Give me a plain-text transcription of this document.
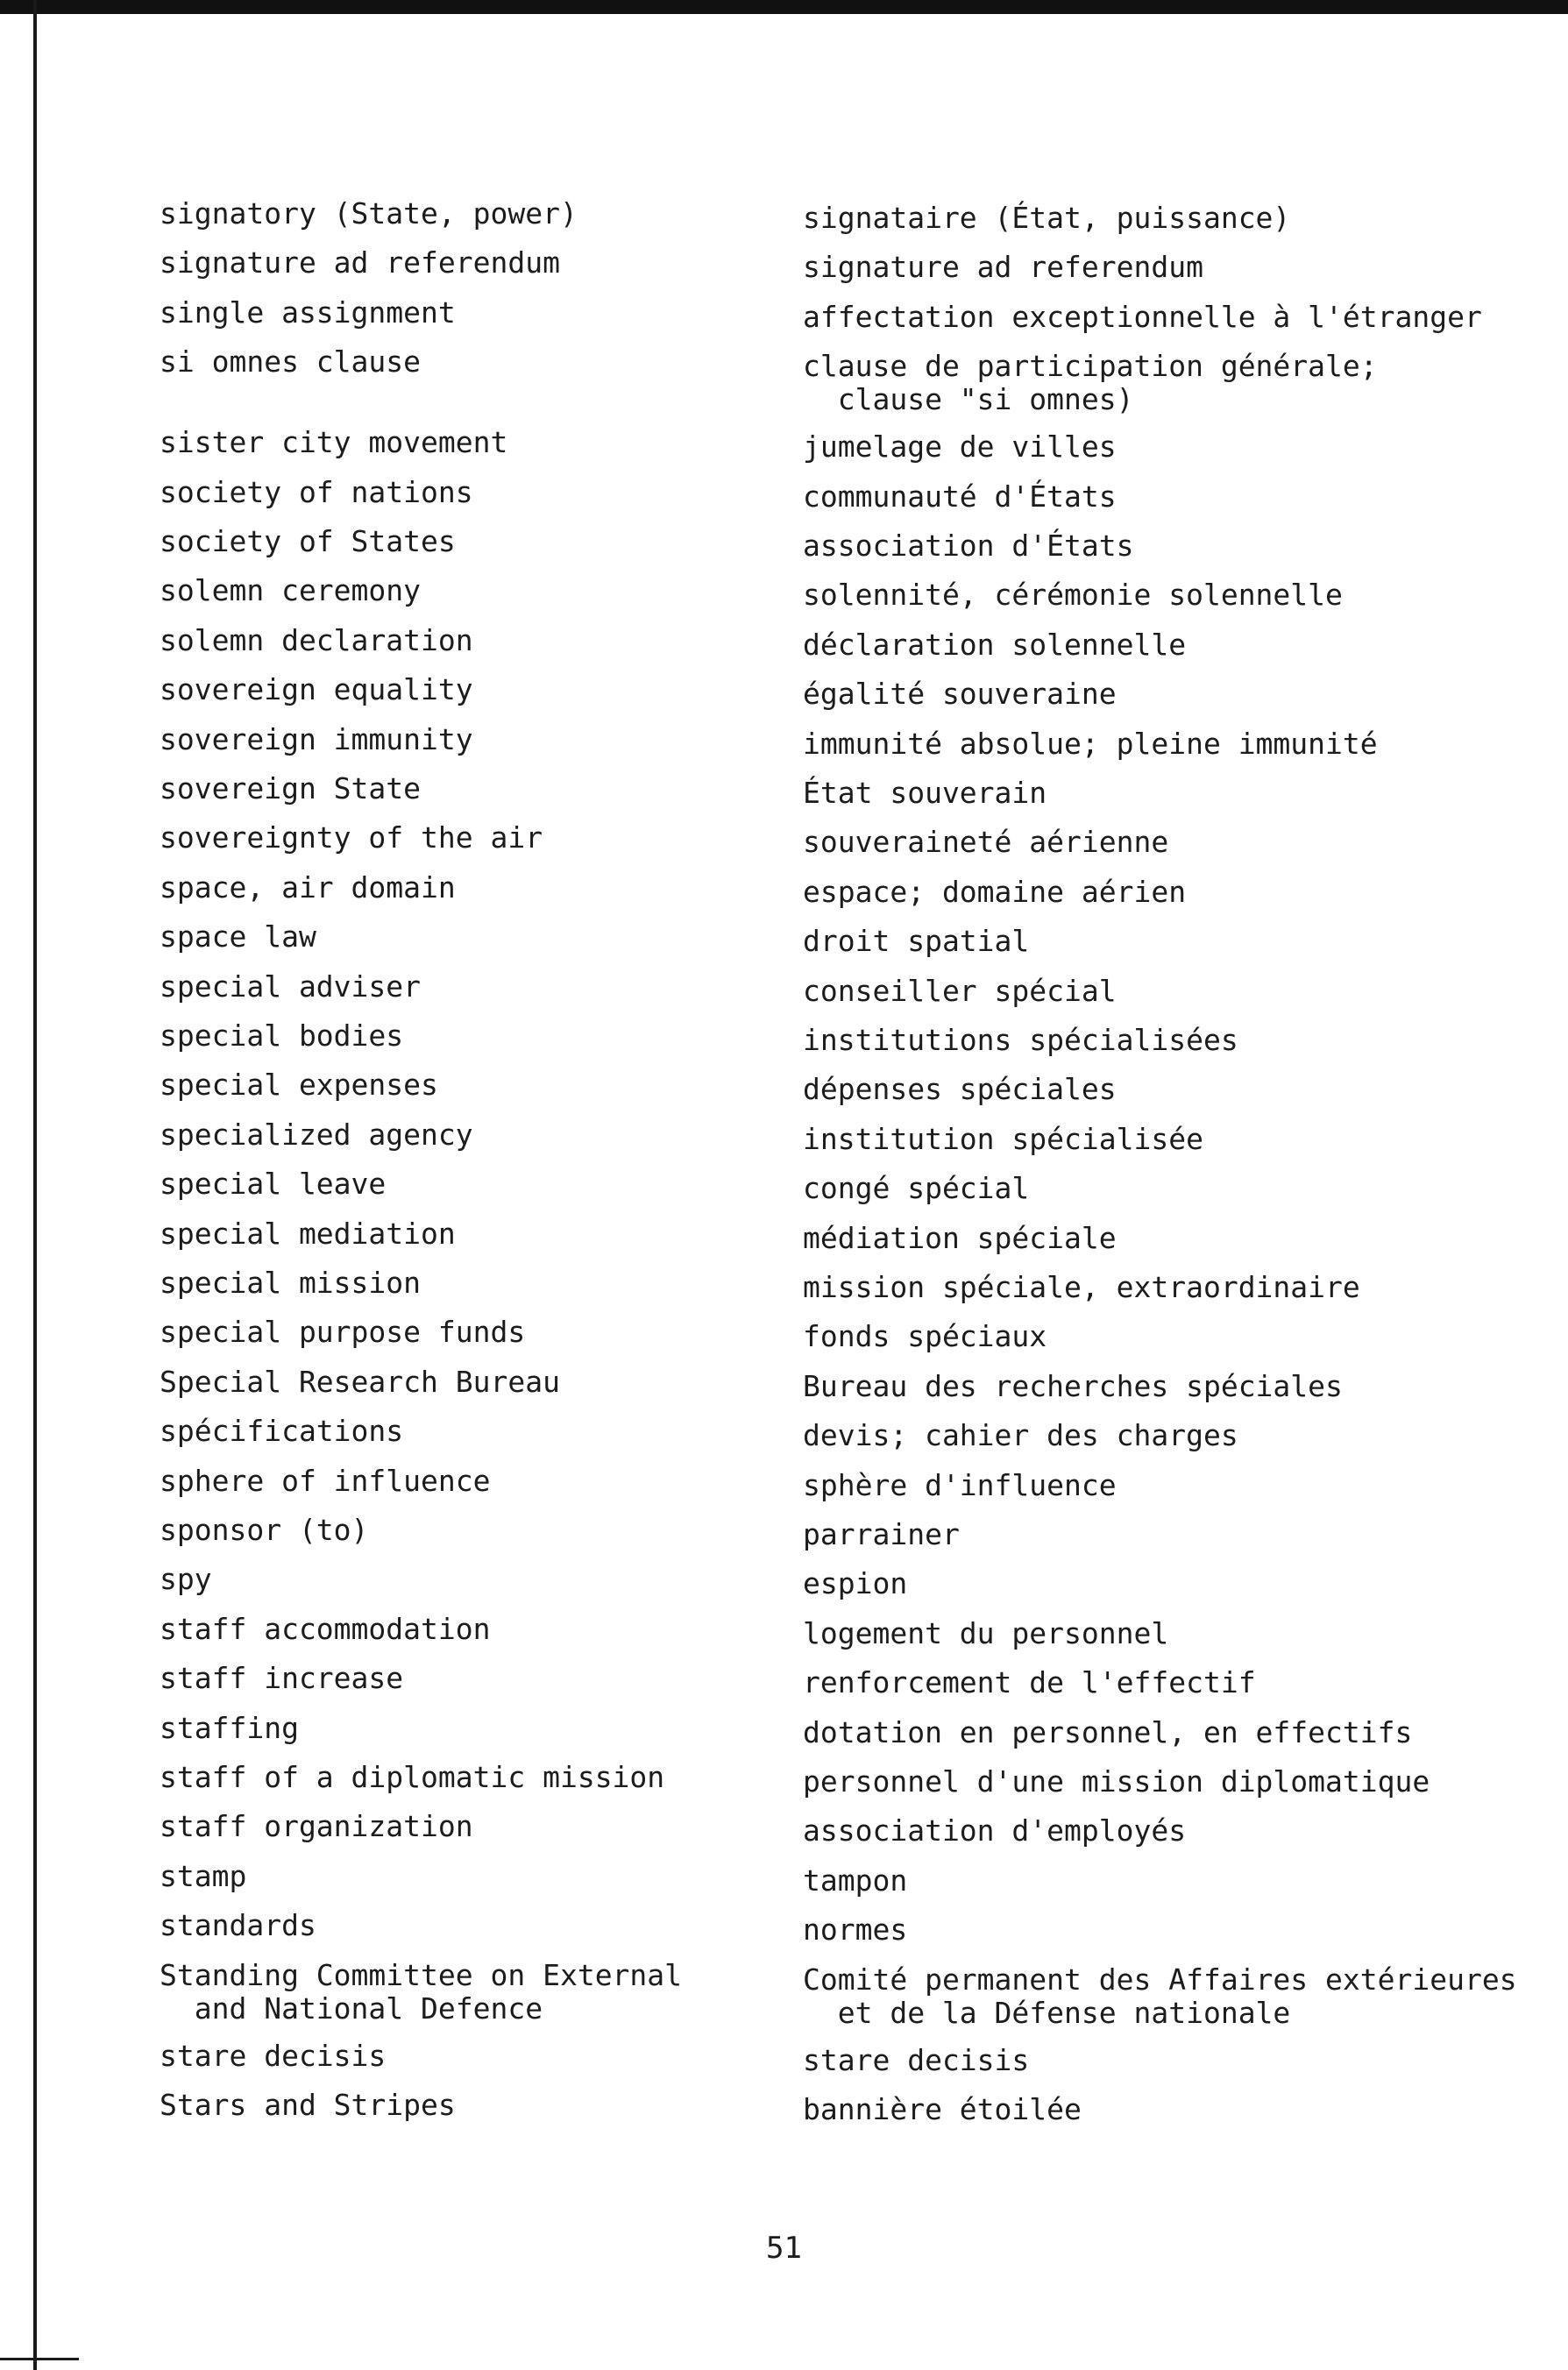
signatory (State, power)
signature ad referendum
single assignment
si omnes clause
sister city movement
society of nations
society of States
solemn ceremony
solemn declaration
sovereign equality
sovereign immunity
sovereign State
sovereignty of the air
space, air domain
space law
special adviser
special bodies
special expenses
specialized agency
special leave
special mediation
special mission
special purpose funds
Special Research Bureau
spécifications
sphere of influence
sponsor (to)
spy
staff accommodation
staff increase
staffing
staff of a diplomatic mission
staff organization
stamp
standards
Standing Committee on External
and National Defence
stare decisis
Stars and Stripes
signataire (État, puissance)
signature ad referendum
affectation exceptionnelle à l'étranger
clause de participation générale;
clause "si omnes)
jumelage de villes
communauté d'États
association d'États
solennité, cérémonie solennelle
déclaration solennelle
égalité souveraine
immunité absolue; pleine immunité
État souverain
souveraineté aérienne
espace; domaine aérien
droit spatial
conseiller spécial
institutions spécialisées
dépenses spéciales
institution spécialisée
congé spécial
médiation spéciale
mission spéciale, extraordinaire
fonds spéciaux
Bureau des recherches spéciales
devis; cahier des charges
sphère d'influence
parrainer
espion
logement du personnel
renforcement de l'effectif
dotation en personnel, en effectifs
personnel d'une mission diplomatique
association d'employés
tampon
normes
Comité permanent des Affaires extérieures
et de la Défense nationale
stare decisis
bannière étoilée
51
